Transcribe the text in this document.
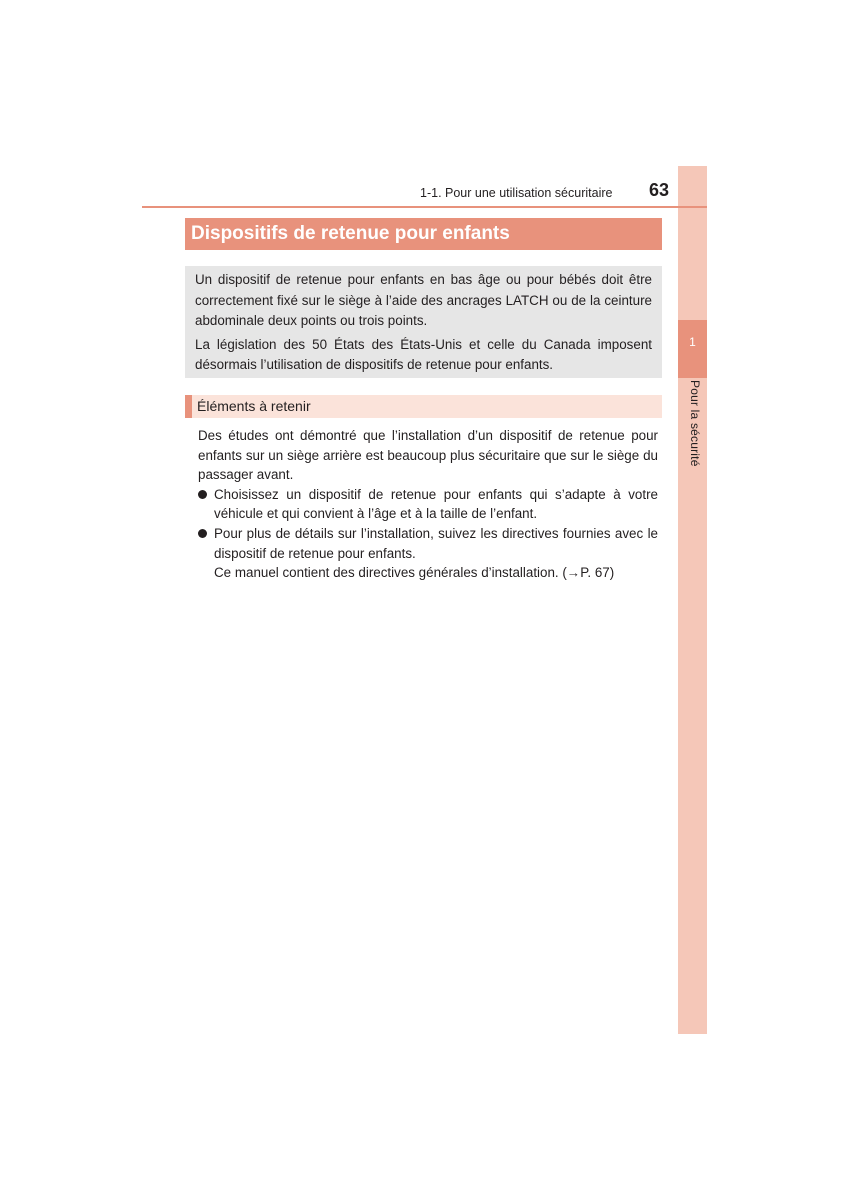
1
Pour la sécurité
1-1. Pour une utilisation sécuritaire 63
Dispositifs de retenue pour enfants

Un dispositif de retenue pour enfants en bas âge ou pour bébés doit être correctement fixé sur le siège à l’aide des ancrages LATCH ou de la ceinture abdominale deux points ou trois points.

La législation des 50 États des États-Unis et celle du Canada imposent désormais l’utilisation de dispositifs de retenue pour enfants.

Éléments à retenir

Des études ont démontré que l’installation d’un dispositif de retenue pour enfants sur un siège arrière est beaucoup plus sécuritaire que sur le siège du passager avant.

Choisissez un dispositif de retenue pour enfants qui s’adapte à votre véhicule et qui convient à l’âge et à la taille de l’enfant.
Pour plus de détails sur l’installation, suivez les directives fournies avec le dispositif de retenue pour enfants.
Ce manuel contient des directives générales d’installation. (→P. 67)
